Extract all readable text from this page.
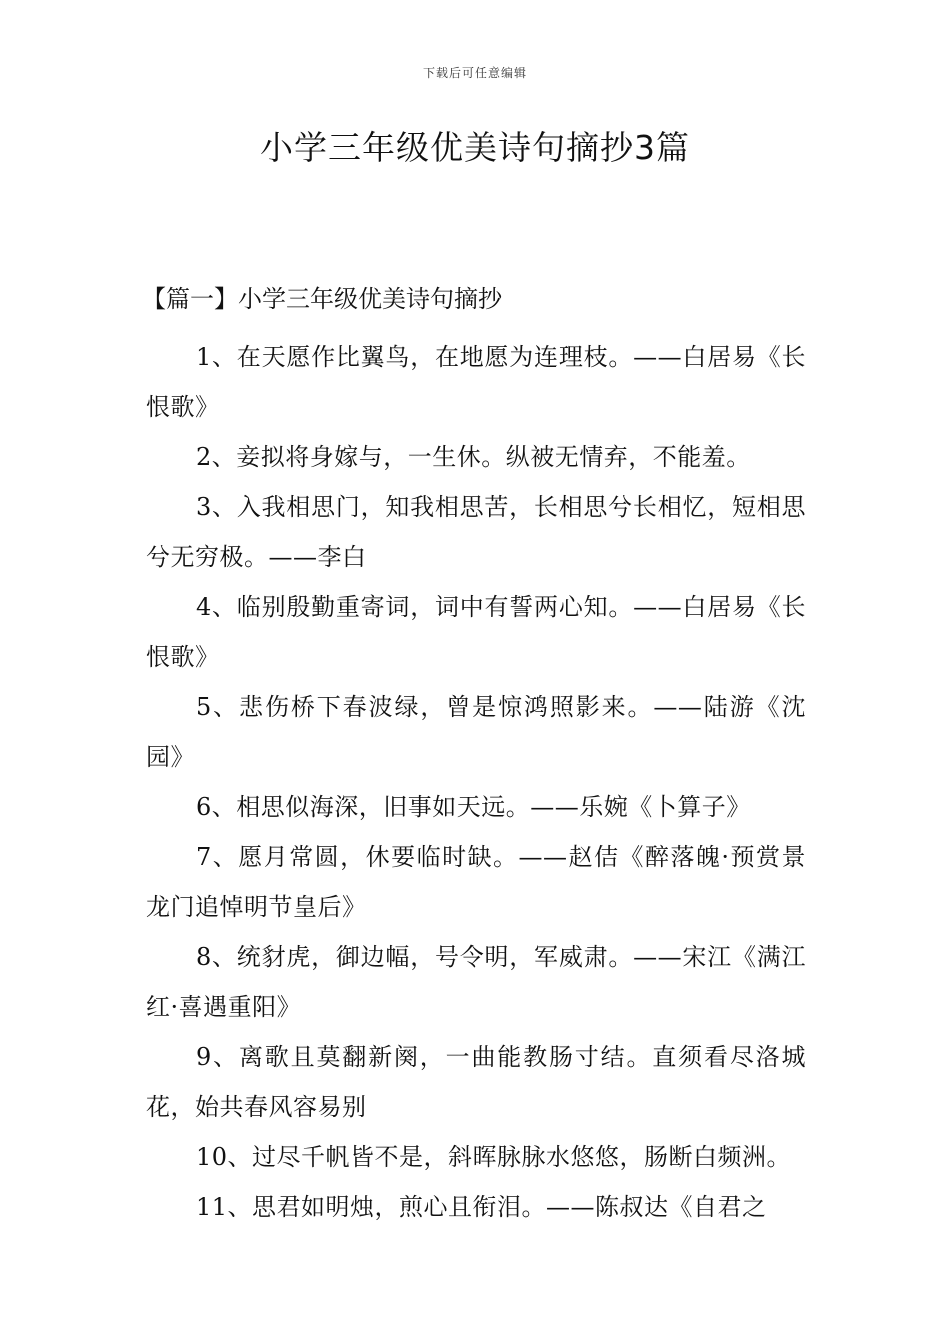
下载后可任意编辑
小学三年级优美诗句摘抄3篇
【篇一】小学三年级优美诗句摘抄
1、在天愿作比翼鸟，在地愿为连理枝。——白居易《长恨歌》
2、妾拟将身嫁与，一生休。纵被无情弃，不能羞。
3、入我相思门，知我相思苦，长相思兮长相忆，短相思兮无穷极。——李白
4、临别殷勤重寄词，词中有誓两心知。——白居易《长恨歌》
5、悲伤桥下春波绿，曾是惊鸿照影来。——陆游《沈园》
6、相思似海深，旧事如天远。——乐婉《卜算子》
7、愿月常圆，休要临时缺。——赵佶《醉落魄·预赏景龙门追悼明节皇后》
8、统豺虎，御边幅，号令明，军威肃。——宋江《满江红·喜遇重阳》
9、离歌且莫翻新阕，一曲能教肠寸结。直须看尽洛城花，始共春风容易别
10、过尽千帆皆不是，斜晖脉脉水悠悠，肠断白频洲。
11、思君如明烛，煎心且衔泪。——陈叔达《自君之
